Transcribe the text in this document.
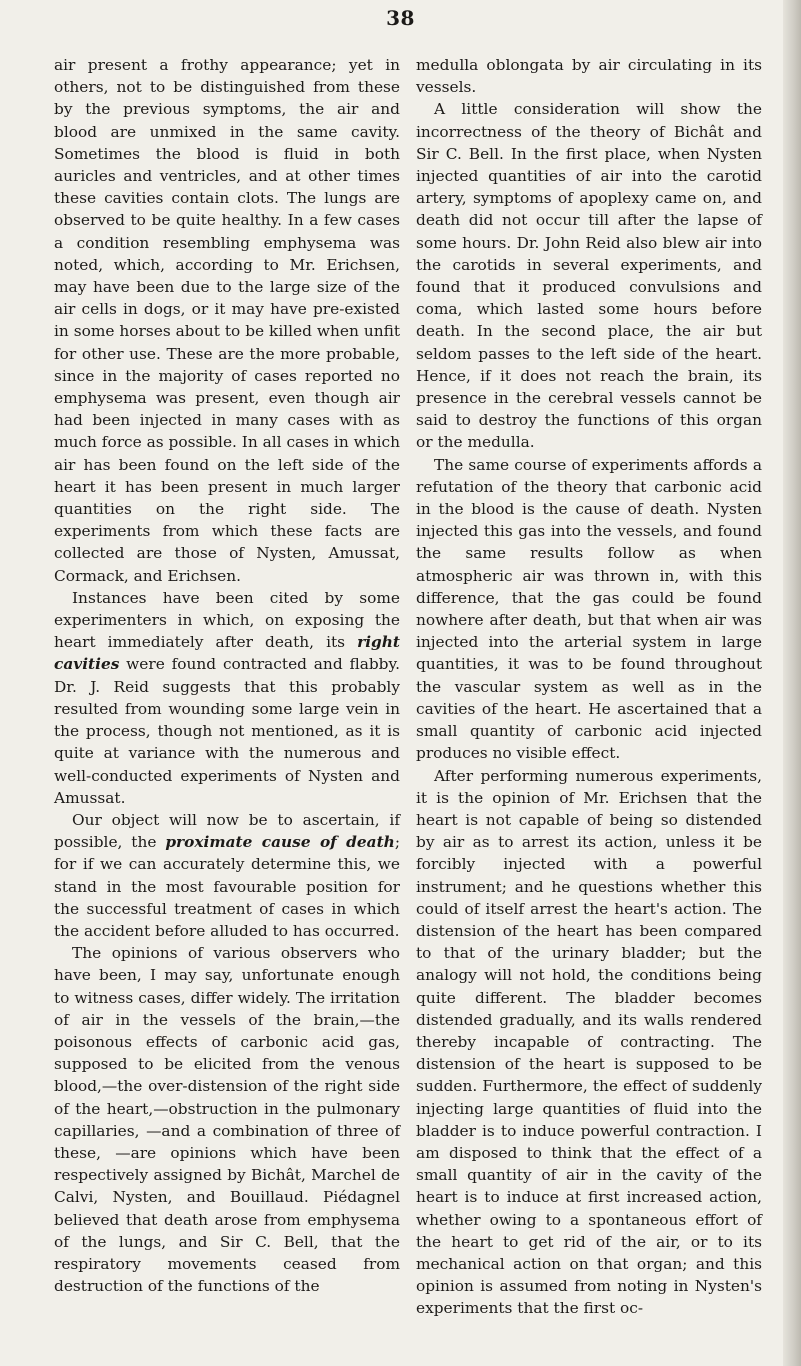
38

air present a frothy appearance; yet in others, not to be distinguished from these by the previous symptoms, the air and blood are unmixed in the same cavity. Sometimes the blood is fluid in both auricles and ventricles, and at other times these cavities contain clots. The lungs are observed to be quite healthy. In a few cases a condition resembling emphysema was noted, which, according to Mr. Erichsen, may have been due to the large size of the air cells in dogs, or it may have pre-existed in some horses about to be killed when unfit for other use. These are the more probable, since in the majority of cases reported no emphysema was present, even though air had been injected in many cases with as much force as possible. In all cases in which air has been found on the left side of the heart it has been present in much larger quantities on the right side. The experiments from which these facts are collected are those of Nysten, Amussat, Cormack, and Erichsen.

Instances have been cited by some experimenters in which, on exposing the heart immediately after death, its right cavities were found contracted and flabby. Dr. J. Reid suggests that this probably resulted from wounding some large vein in the process, though not mentioned, as it is quite at variance with the numerous and well-conducted experiments of Nysten and Amussat.

Our object will now be to ascertain, if possible, the proximate cause of death; for if we can accurately determine this, we stand in the most favourable position for the successful treatment of cases in which the accident before alluded to has occurred.

The opinions of various observers who have been, I may say, unfortunate enough to witness cases, differ widely. The irritation of air in the vessels of the brain,—the poisonous effects of carbonic acid gas, supposed to be elicited from the venous blood,—the over-distension of the right side of the heart,—obstruction in the pulmonary capillaries, —and a combination of three of these, —are opinions which have been respectively assigned by Bichât, Marchel de Calvi, Nysten, and Bouillaud. Piédagnel believed that death arose from emphysema of the lungs, and Sir C. Bell, that the respiratory movements ceased from destruction of the functions of the

medulla oblongata by air circulating in its vessels.

A little consideration will show the incorrectness of the theory of Bichât and Sir C. Bell. In the first place, when Nysten injected quantities of air into the carotid artery, symptoms of apoplexy came on, and death did not occur till after the lapse of some hours. Dr. John Reid also blew air into the carotids in several experiments, and found that it produced convulsions and coma, which lasted some hours before death. In the second place, the air but seldom passes to the left side of the heart. Hence, if it does not reach the brain, its presence in the cerebral vessels cannot be said to destroy the functions of this organ or the medulla.

The same course of experiments affords a refutation of the theory that carbonic acid in the blood is the cause of death. Nysten injected this gas into the vessels, and found the same results follow as when atmospheric air was thrown in, with this difference, that the gas could be found nowhere after death, but that when air was injected into the arterial system in large quantities, it was to be found throughout the vascular system as well as in the cavities of the heart. He ascertained that a small quantity of carbonic acid injected produces no visible effect.

After performing numerous experiments, it is the opinion of Mr. Erichsen that the heart is not capable of being so distended by air as to arrest its action, unless it be forcibly injected with a powerful instrument; and he questions whether this could of itself arrest the heart's action. The distension of the heart has been compared to that of the urinary bladder; but the analogy will not hold, the conditions being quite different. The bladder becomes distended gradually, and its walls rendered thereby incapable of contracting. The distension of the heart is supposed to be sudden. Furthermore, the effect of suddenly injecting large quantities of fluid into the bladder is to induce powerful contraction. I am disposed to think that the effect of a small quantity of air in the cavity of the heart is to induce at first increased action, whether owing to a spontaneous effort of the heart to get rid of the air, or to its mechanical action on that organ; and this opinion is assumed from noting in Nysten's experiments that the first oc-
